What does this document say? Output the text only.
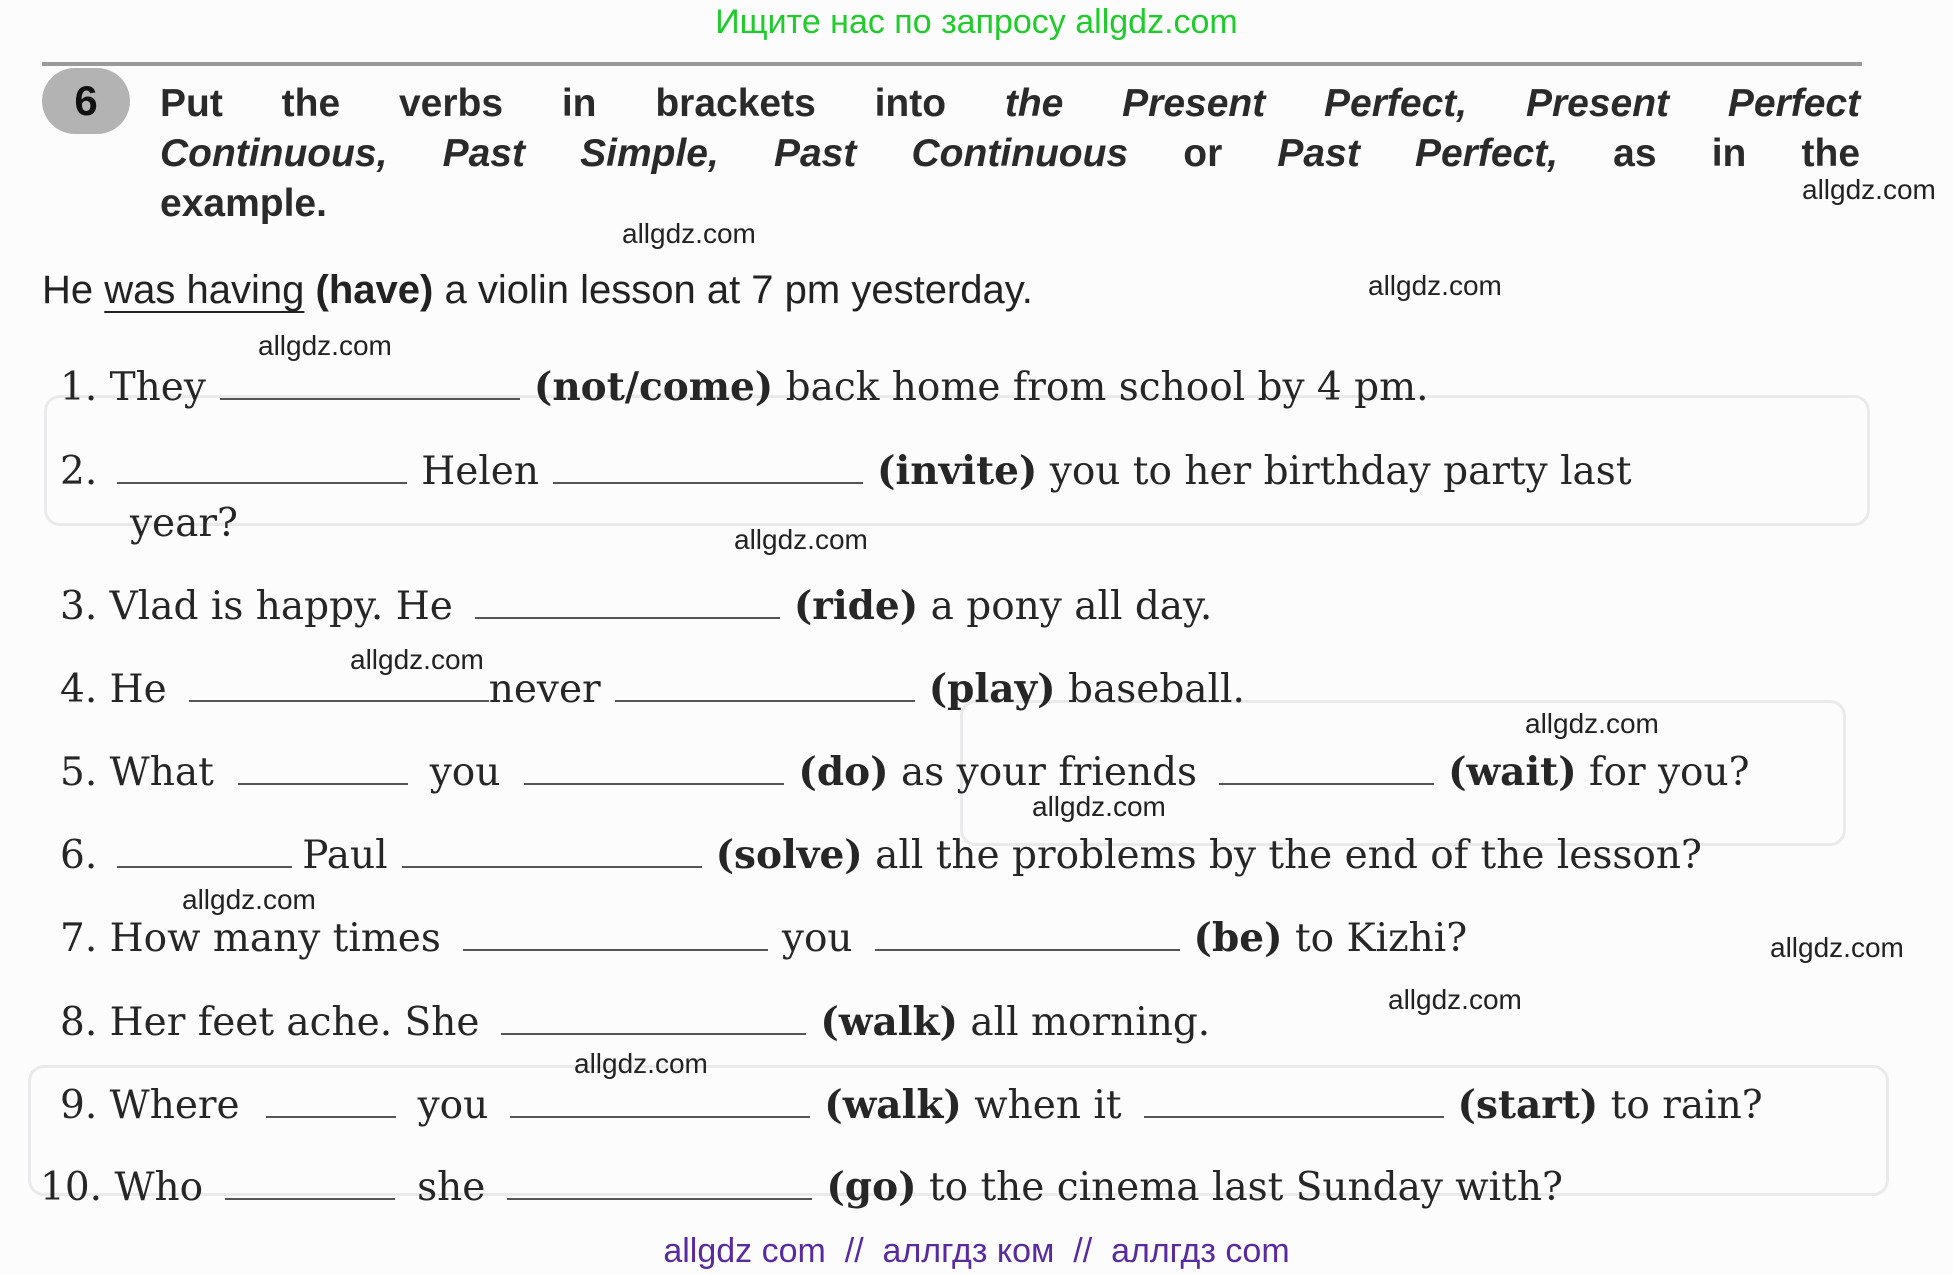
Ищите нас по запросу allgdz.com
6	Put the verbs in brackets into the Present Perfect, Present Perfect
Continuous, Past Simple, Past Continuous or Past Perfect, as in the
example.
He was having (have) a violin lesson at 7 pm yesterday.
1. They	(not/come) back home from school by 4 pm.
2.	Helen	(invite) you to her birthday party last
year?
3. Vlad is happy. He	(ride) a pony all day.
4. He	never	(play) baseball.
5. What	you	(do) as your friends	(wait) for you?
6.	Paul	(solve) all the problems by the end of the lesson?
7. How many times	you	(be) to Kizhi?
8. Her feet ache. She	(walk) all morning.
9. Where	you	(walk) when it	(start) to rain?
10. Who	she	(go) to the cinema last Sunday with?
allgdz.com
allgdz.com
allgdz.com
allgdz.com
allgdz.com
allgdz.com
allgdz.com
allgdz.com
allgdz.com
allgdz.com
allgdz.com
allgdz.com
allgdz com  //  аллгдз ком  //  аллгдз com
